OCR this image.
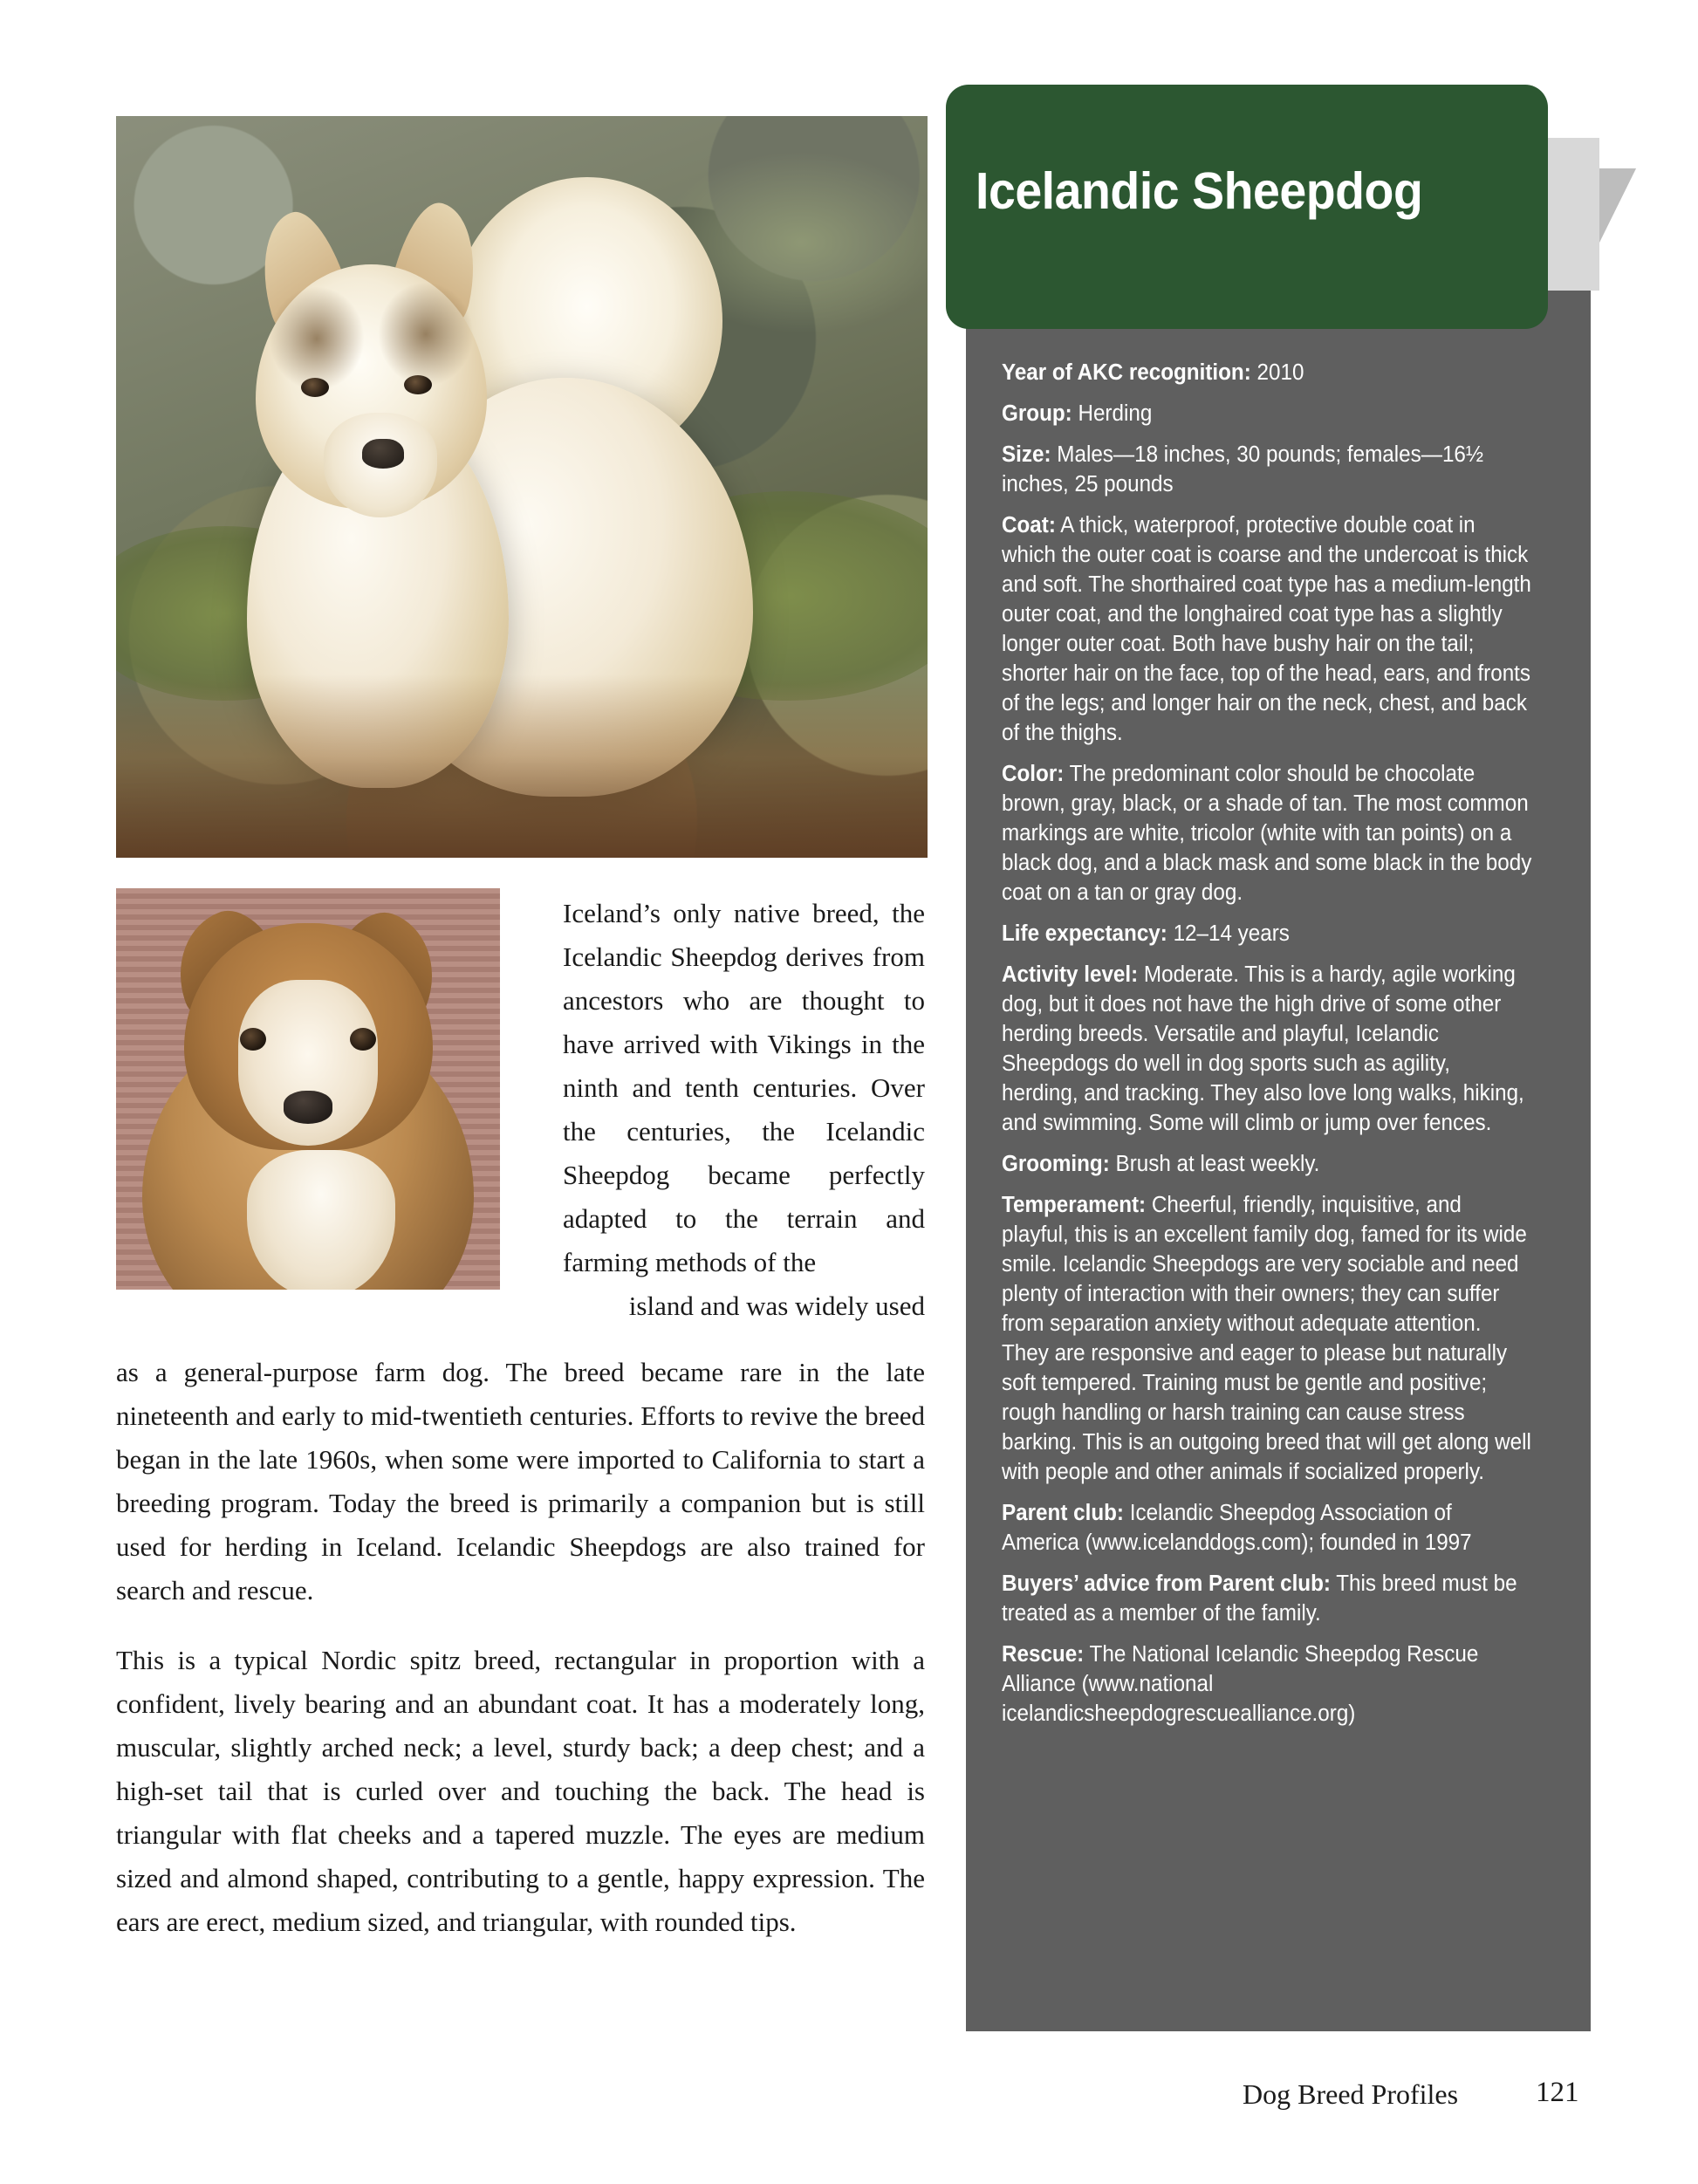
Icelandic Sheepdog
Year of AKC recognition: 2010
Group: Herding
Size: Males—18 inches, 30 pounds; females—16½ inches, 25 pounds
Coat: A thick, waterproof, protective double coat in which the outer coat is coarse and the undercoat is thick and soft. The shorthaired coat type has a medium-length outer coat, and the longhaired coat type has a slightly longer outer coat. Both have bushy hair on the tail; shorter hair on the face, top of the head, ears, and fronts of the legs; and longer hair on the neck, chest, and back of the thighs.
Color: The predominant color should be chocolate brown, gray, black, or a shade of tan. The most common markings are white, tricolor (white with tan points) on a black dog, and a black mask and some black in the body coat on a tan or gray dog.
Life expectancy: 12–14 years
Activity level: Moderate. This is a hardy, agile working dog, but it does not have the high drive of some other herding breeds. Versatile and playful, Icelandic Sheepdogs do well in dog sports such as agility, herding, and tracking. They also love long walks, hiking, and swimming. Some will climb or jump over fences.
Grooming: Brush at least weekly.
Temperament: Cheerful, friendly, inquisitive, and playful, this is an excellent family dog, famed for its wide smile. Icelandic Sheepdogs are very sociable and need plenty of interaction with their owners; they can suffer from separation anxiety without adequate attention. They are responsive and eager to please but naturally soft tempered. Training must be gentle and positive; rough handling or harsh training can cause stress barking. This is an outgoing breed that will get along well with people and other animals if socialized properly.
Parent club: Icelandic Sheepdog Association of America (www.icelanddogs.com); founded in 1997
Buyers’ advice from Parent club: This breed must be treated as a member of the family.
Rescue: The National Icelandic Sheepdog Rescue Alliance (www.national icelandicsheepdogrescuealliance.org)
Iceland’s only native breed, the Icelandic Sheepdog derives from ancestors who are thought to have arrived with Vikings in the ninth and tenth centuries. Over the centuries, the Icelandic Sheepdog became perfectly adapted to the terrain and farming methods of the
island and was widely used
as a general-purpose farm dog. The breed became rare in the late nineteenth and early to mid-twentieth centuries. Efforts to revive the breed began in the late 1960s, when some were imported to California to start a breeding program. Today the breed is primarily a companion but is still used for herding in Iceland. Icelandic Sheepdogs are also trained for search and rescue.
This is a typical Nordic spitz breed, rectangular in proportion with a confident, lively bearing and an abundant coat. It has a moderately long, muscular, slightly arched neck; a level, sturdy back; a deep chest; and a high-set tail that is curled over and touching the back. The head is triangular with flat cheeks and a tapered muzzle. The eyes are medium sized and almond shaped, contributing to a gentle, happy expression. The ears are erect, medium sized, and triangular, with rounded tips.
Dog Breed Profiles	121
